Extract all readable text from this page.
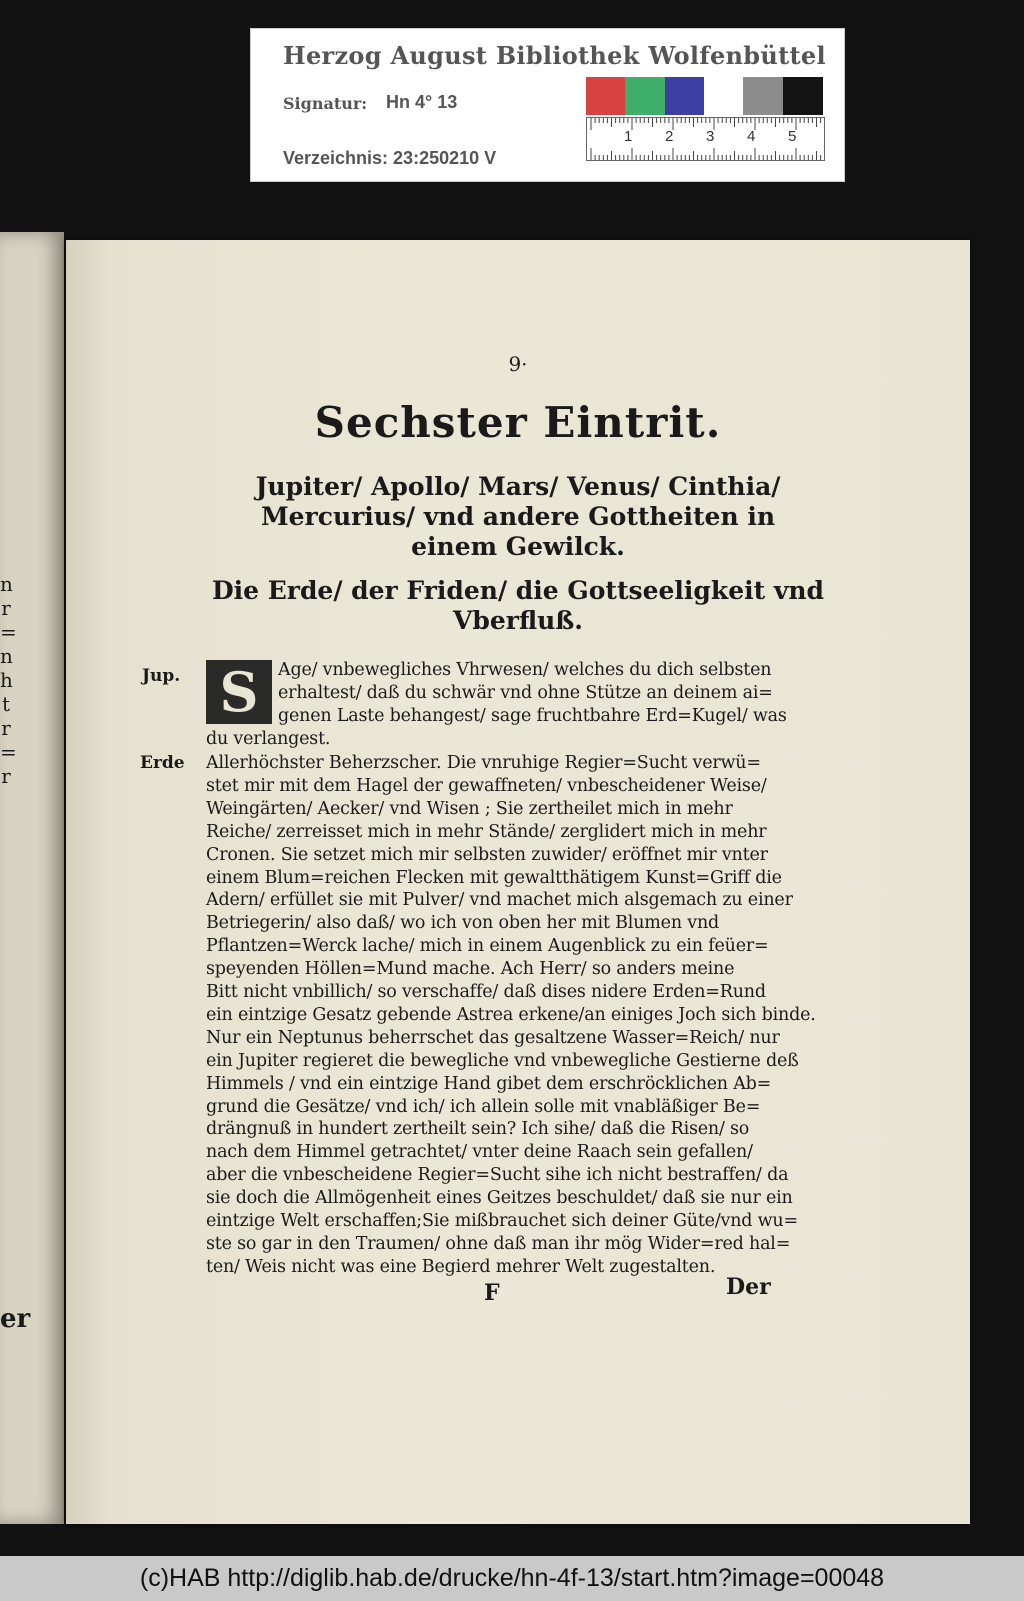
n
r
=
n
h
t
r
=
r
er
9·
Sechster Eintrit.
Jupiter/ Apollo/ Mars/ Venus/ Cinthia/
Mercurius/ vnd andere Gottheiten in
einem Gewilck.
Die Erde/ der Friden/ die Gottseeligkeit vnd
Vberfluß.
Jup. S	Age/ vnbewegliches Vhrwesen/ welches du dich selbsten
erhaltest/ daß du schwär vnd ohne Stütze an deinem ai=
genen Laste behangest/ sage fruchtbahre Erd=Kugel/ was
du verlangest.
Erde Allerhöchster Beherzscher. Die vnruhige Regier=Sucht verwü=
stet mir mit dem Hagel der gewaffneten/ vnbescheidener Weise/
Weingärten/ Aecker/ vnd Wisen ; Sie zertheilet mich in mehr
Reiche/ zerreisset mich in mehr Stände/ zerglidert mich in mehr
Cronen. Sie setzet mich mir selbsten zuwider/ eröffnet mir vnter
einem Blum=reichen Flecken mit gewaltthätigem Kunst=Griff die
Adern/ erfüllet sie mit Pulver/ vnd machet mich alsgemach zu einer
Betriegerin/ also daß/ wo ich von oben her mit Blumen vnd
Pflantzen=Werck lache/ mich in einem Augenblick zu ein feüer=
speyenden Höllen=Mund mache. Ach Herr/ so anders meine
Bitt nicht vnbillich/ so verschaffe/ daß dises nidere Erden=Rund
ein eintzige Gesatz gebende Astrea erkene/an einiges Joch sich binde.
Nur ein Neptunus beherrschet das gesaltzene Wasser=Reich/ nur
ein Jupiter regieret die bewegliche vnd vnbewegliche Gestierne deß
Himmels / vnd ein eintzige Hand gibet dem erschröcklichen Ab=
grund die Gesätze/ vnd ich/ ich allein solle mit vnabläßiger Be=
drängnuß in hundert zertheilt sein? Ich sihe/ daß die Risen/ so
nach dem Himmel getrachtet/ vnter deine Raach sein gefallen/
aber die vnbescheidene Regier=Sucht sihe ich nicht bestraffen/ da
sie doch die Allmögenheit eines Geitzes beschuldet/ daß sie nur ein
eintzige Welt erschaffen;Sie mißbrauchet sich deiner Güte/vnd wu=
ste so gar in den Traumen/ ohne daß man ihr mög Wider=red hal=
ten/ Weis nicht was eine Begierd mehrer Welt zugestalten.
F	Der
Herzog August Bibliothek Wolfenbüttel
Signatur: Hn 4° 13
Verzeichnis: 23:250210 V
1 2 3 4 5
(c)HAB http://diglib.hab.de/drucke/hn-4f-13/start.htm?image=00048
